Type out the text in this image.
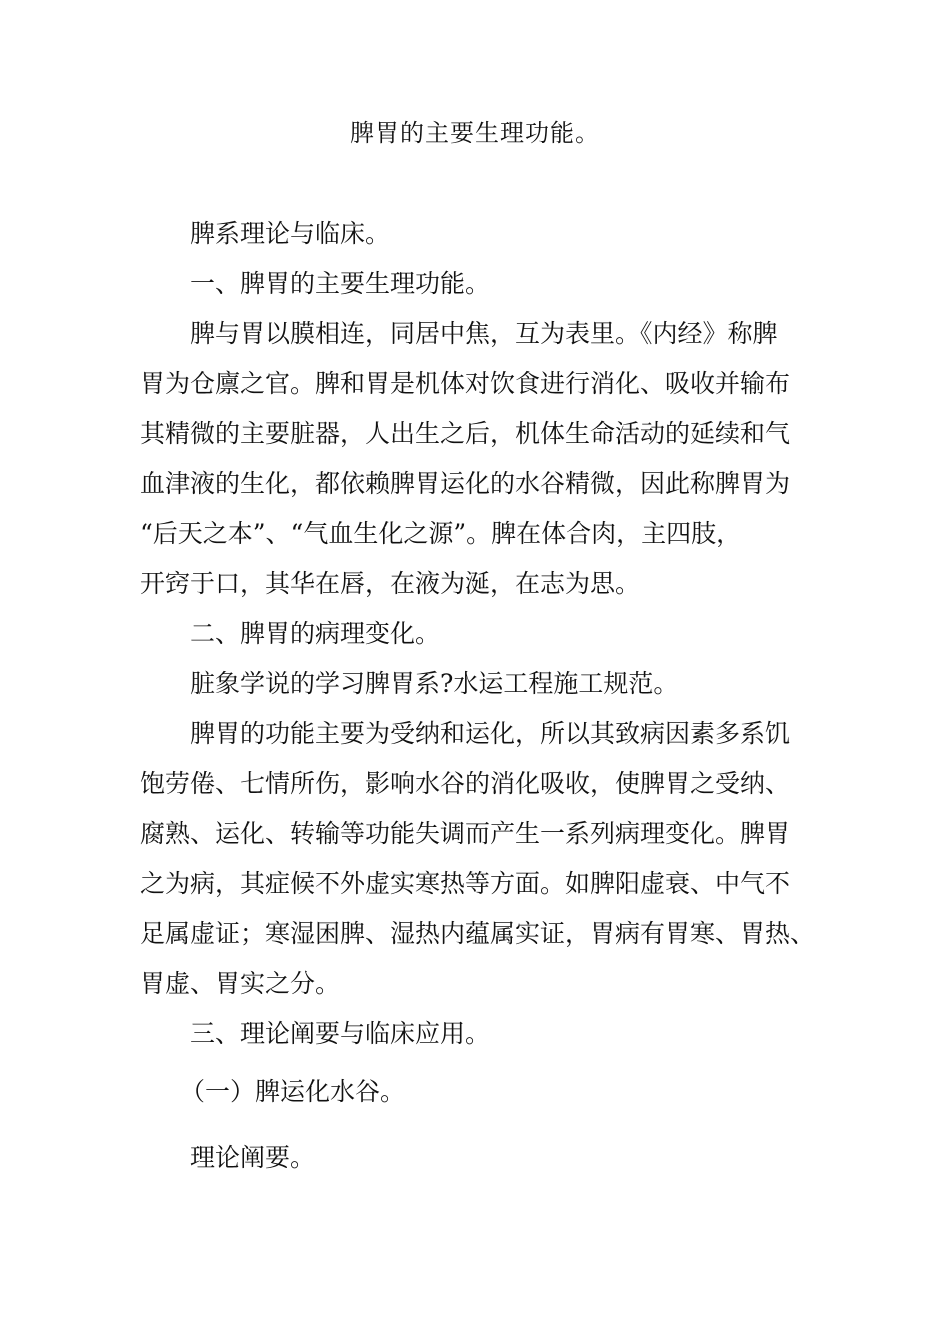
脾胃的主要生理功能。
脾系理论与临床。
一、脾胃的主要生理功能。
脾与胃以膜相连，同居中焦，互为表里。《内经》称脾
胃为仓廪之官。脾和胃是机体对饮食进行消化、吸收并输布
其精微的主要脏器，人出生之后，机体生命活动的延续和气
血津液的生化，都依赖脾胃运化的水谷精微，因此称脾胃为
“后天之本”、“气血生化之源”。脾在体合肉，主四肢，
开窍于口，其华在唇，在液为涎，在志为思。
二、脾胃的病理变化。
脏象学说的学习脾胃系?水运工程施工规范。
脾胃的功能主要为受纳和运化，所以其致病因素多系饥
饱劳倦、七情所伤，影响水谷的消化吸收，使脾胃之受纳、
腐熟、运化、转输等功能失调而产生一系列病理变化。脾胃
之为病，其症候不外虚实寒热等方面。如脾阳虚衰、中气不
足属虚证；寒湿困脾、湿热内蕴属实证，胃病有胃寒、胃热、
胃虚、胃实之分。
三、理论阐要与临床应用。
（一）脾运化水谷。
理论阐要。
